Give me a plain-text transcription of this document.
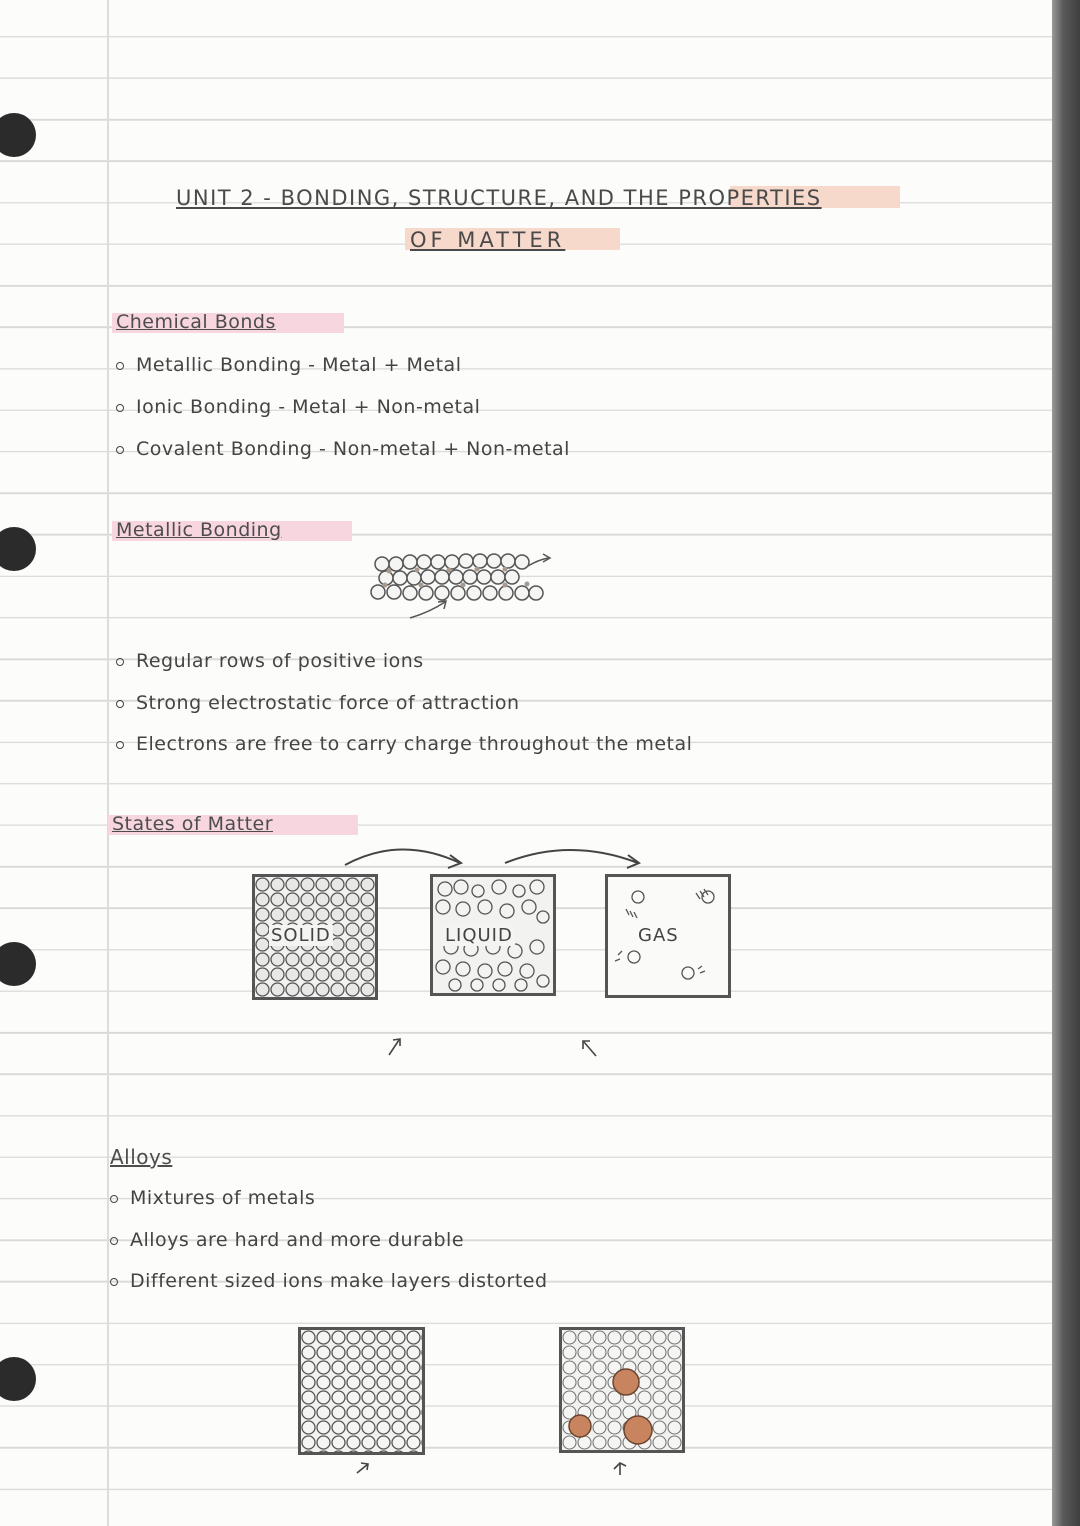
UNIT 2 - BONDING, STRUCTURE, AND THE PROPERTIES
OF MATTER
Chemical Bonds
Metallic Bonding - Metal + Metal
Ionic Bonding - Metal + Non-metal
Covalent Bonding - Non-metal + Non-metal
Metallic Bonding
Regular rows of positive ions
Strong electrostatic force of attraction
Electrons are free to carry charge throughout the metal
States of Matter
SOLID	LIQUID	GAS
Alloys
Mixtures of metals
Alloys are hard and more durable
Different sized ions make layers distorted
